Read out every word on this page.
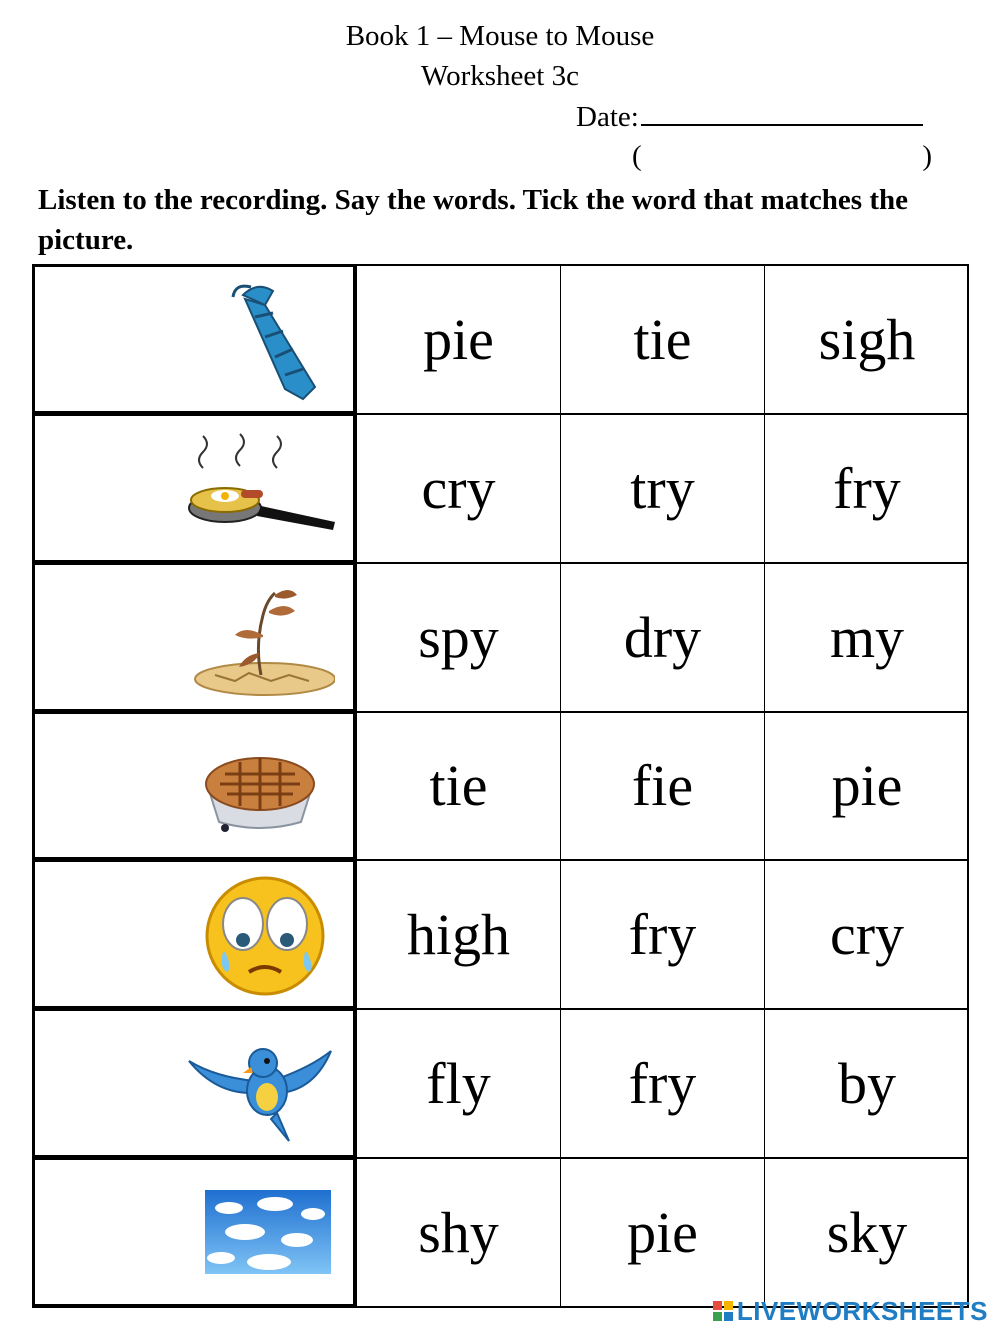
Book 1 – Mouse to Mouse
Worksheet 3c
Date:
(	)
Listen to the recording. Say the words. Tick the word that matches the picture.
pie tie sigh
cry try fry
spy dry my
tie fie pie
high fry cry
fly fry by
shy pie sky
LIVEWORKSHEETS
